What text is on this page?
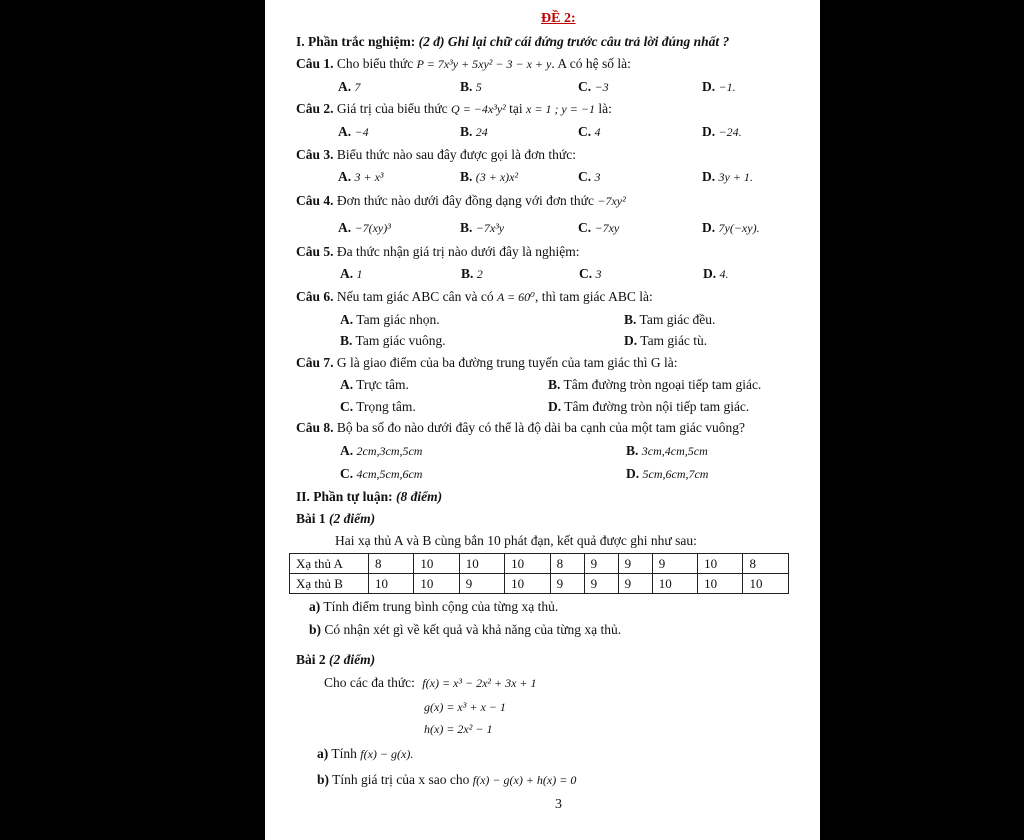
ĐỀ 2:
I. Phần trắc nghiệm: (2 đ) Ghi lại chữ cái đứng trước câu trả lời đúng nhất ?
Câu 1. Cho biểu thức P = 7x³y + 5xy² − 3 − x + y. A có hệ số là:
A. 7	B. 5	C. −3	D. −1.
Câu 2. Giá trị của biểu thức Q = −4x³y² tại x = 1 ; y = −1 là:
A. −4	B. 24	C. 4	D. −24.
Câu 3. Biểu thức nào sau đây được gọi là đơn thức:
A. 3 + x³	B. (3 + x)x²	C. 3	D. 3y + 1.
Câu 4. Đơn thức nào dưới đây đồng dạng với đơn thức −7xy²
A. −7(xy)³	B. −7x³y	C. −7xy	D. 7y(−xy).
Câu 5. Đa thức nhận giá trị nào dưới đây là nghiệm:
A. 1	B. 2	C. 3	D. 4.
Câu 6. Nếu tam giác ABC cân và có A = 60⁰, thì tam giác ABC là:
A. Tam giác nhọn.	B. Tam giác đều.
B. Tam giác vuông.	D. Tam giác tù.
Câu 7. G là giao điểm của ba đường trung tuyến của tam giác thì G là:
A. Trực tâm.	B. Tâm đường tròn ngoại tiếp tam giác.
C. Trọng tâm.	D. Tâm đường tròn nội tiếp tam giác.
Câu 8. Bộ ba số đo nào dưới đây có thể là độ dài ba cạnh của một tam giác vuông?
A. 2cm,3cm,5cm	B. 3cm,4cm,5cm
C. 4cm,5cm,6cm	D. 5cm,6cm,7cm
II. Phần tự luận: (8 điểm)
Bài 1 (2 điểm)
Hai xạ thủ A và B cùng bắn 10 phát đạn, kết quả được ghi như sau:
Xạ thủ A	8	10	10	10	8	9	9	9	10	8
Xạ thủ B	10	10	9	10	9	9	9	10	10	10
a) Tính điểm trung bình cộng của từng xạ thủ.
b) Có nhận xét gì về kết quả và khả năng của từng xạ thủ.
Bài 2 (2 điểm)
Cho các đa thức: f(x) = x³ − 2x² + 3x + 1
g(x) = x³ + x − 1
h(x) = 2x² − 1
a) Tính f(x) − g(x).
b) Tính giá trị của x sao cho f(x) − g(x) + h(x) = 0
3
